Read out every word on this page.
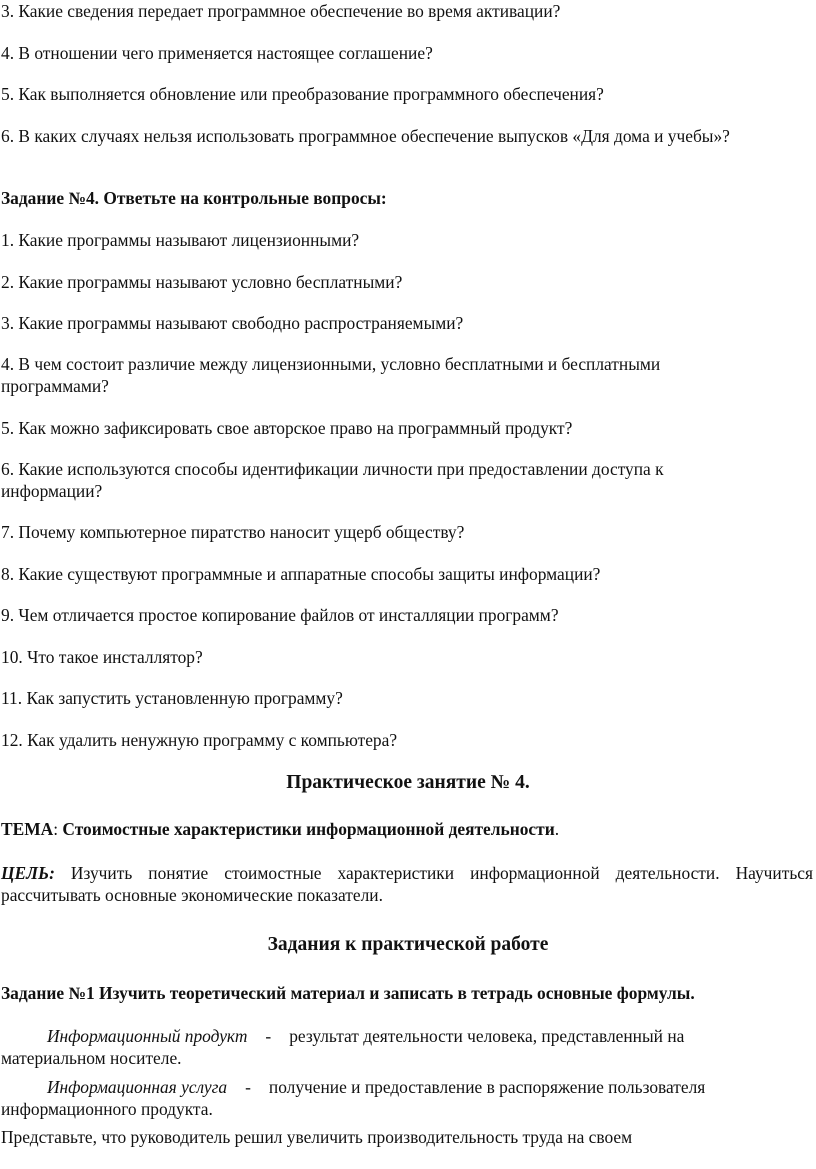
3. Какие сведения передает программное обеспечение во время активации?
4. В отношении чего применяется настоящее соглашение?
5. Как выполняется обновление или преобразование программного обеспечения?
6. В каких случаях нельзя использовать программное обеспечение выпусков «Для дома и учебы»?
Задание №4. Ответьте на контрольные вопросы:
1. Какие программы называют лицензионными?
2. Какие программы называют условно бесплатными?
3. Какие программы называют свободно распространяемыми?
4. В чем состоит различие между лицензионными, условно бесплатными и бесплатными программами?
5. Как можно зафиксировать свое авторское право на программный продукт?
6. Какие используются способы идентификации личности при предоставлении доступа к информации?
7. Почему компьютерное пиратство наносит ущерб обществу?
8. Какие существуют программные и аппаратные способы защиты информации?
9. Чем отличается простое копирование файлов от инсталляции программ?
10. Что такое инсталлятор?
11. Как запустить установленную программу?
12. Как удалить ненужную программу с компьютера?
Практическое занятие № 4.
ТЕМА: Стоимостные характеристики информационной деятельности.
ЦЕЛЬ: Изучить понятие стоимостные характеристики информационной деятельности. Научиться рассчитывать основные экономические показатели.
Задания к практической работе
Задание №1 Изучить теоретический материал и записать в тетрадь основные формулы.
Информационный продукт - результат деятельности человека, представленный на материальном носителе.
Информационная услуга - получение и предоставление в распоряжение пользователя информационного продукта.
Представьте, что руководитель решил увеличить производительность труда на своем
